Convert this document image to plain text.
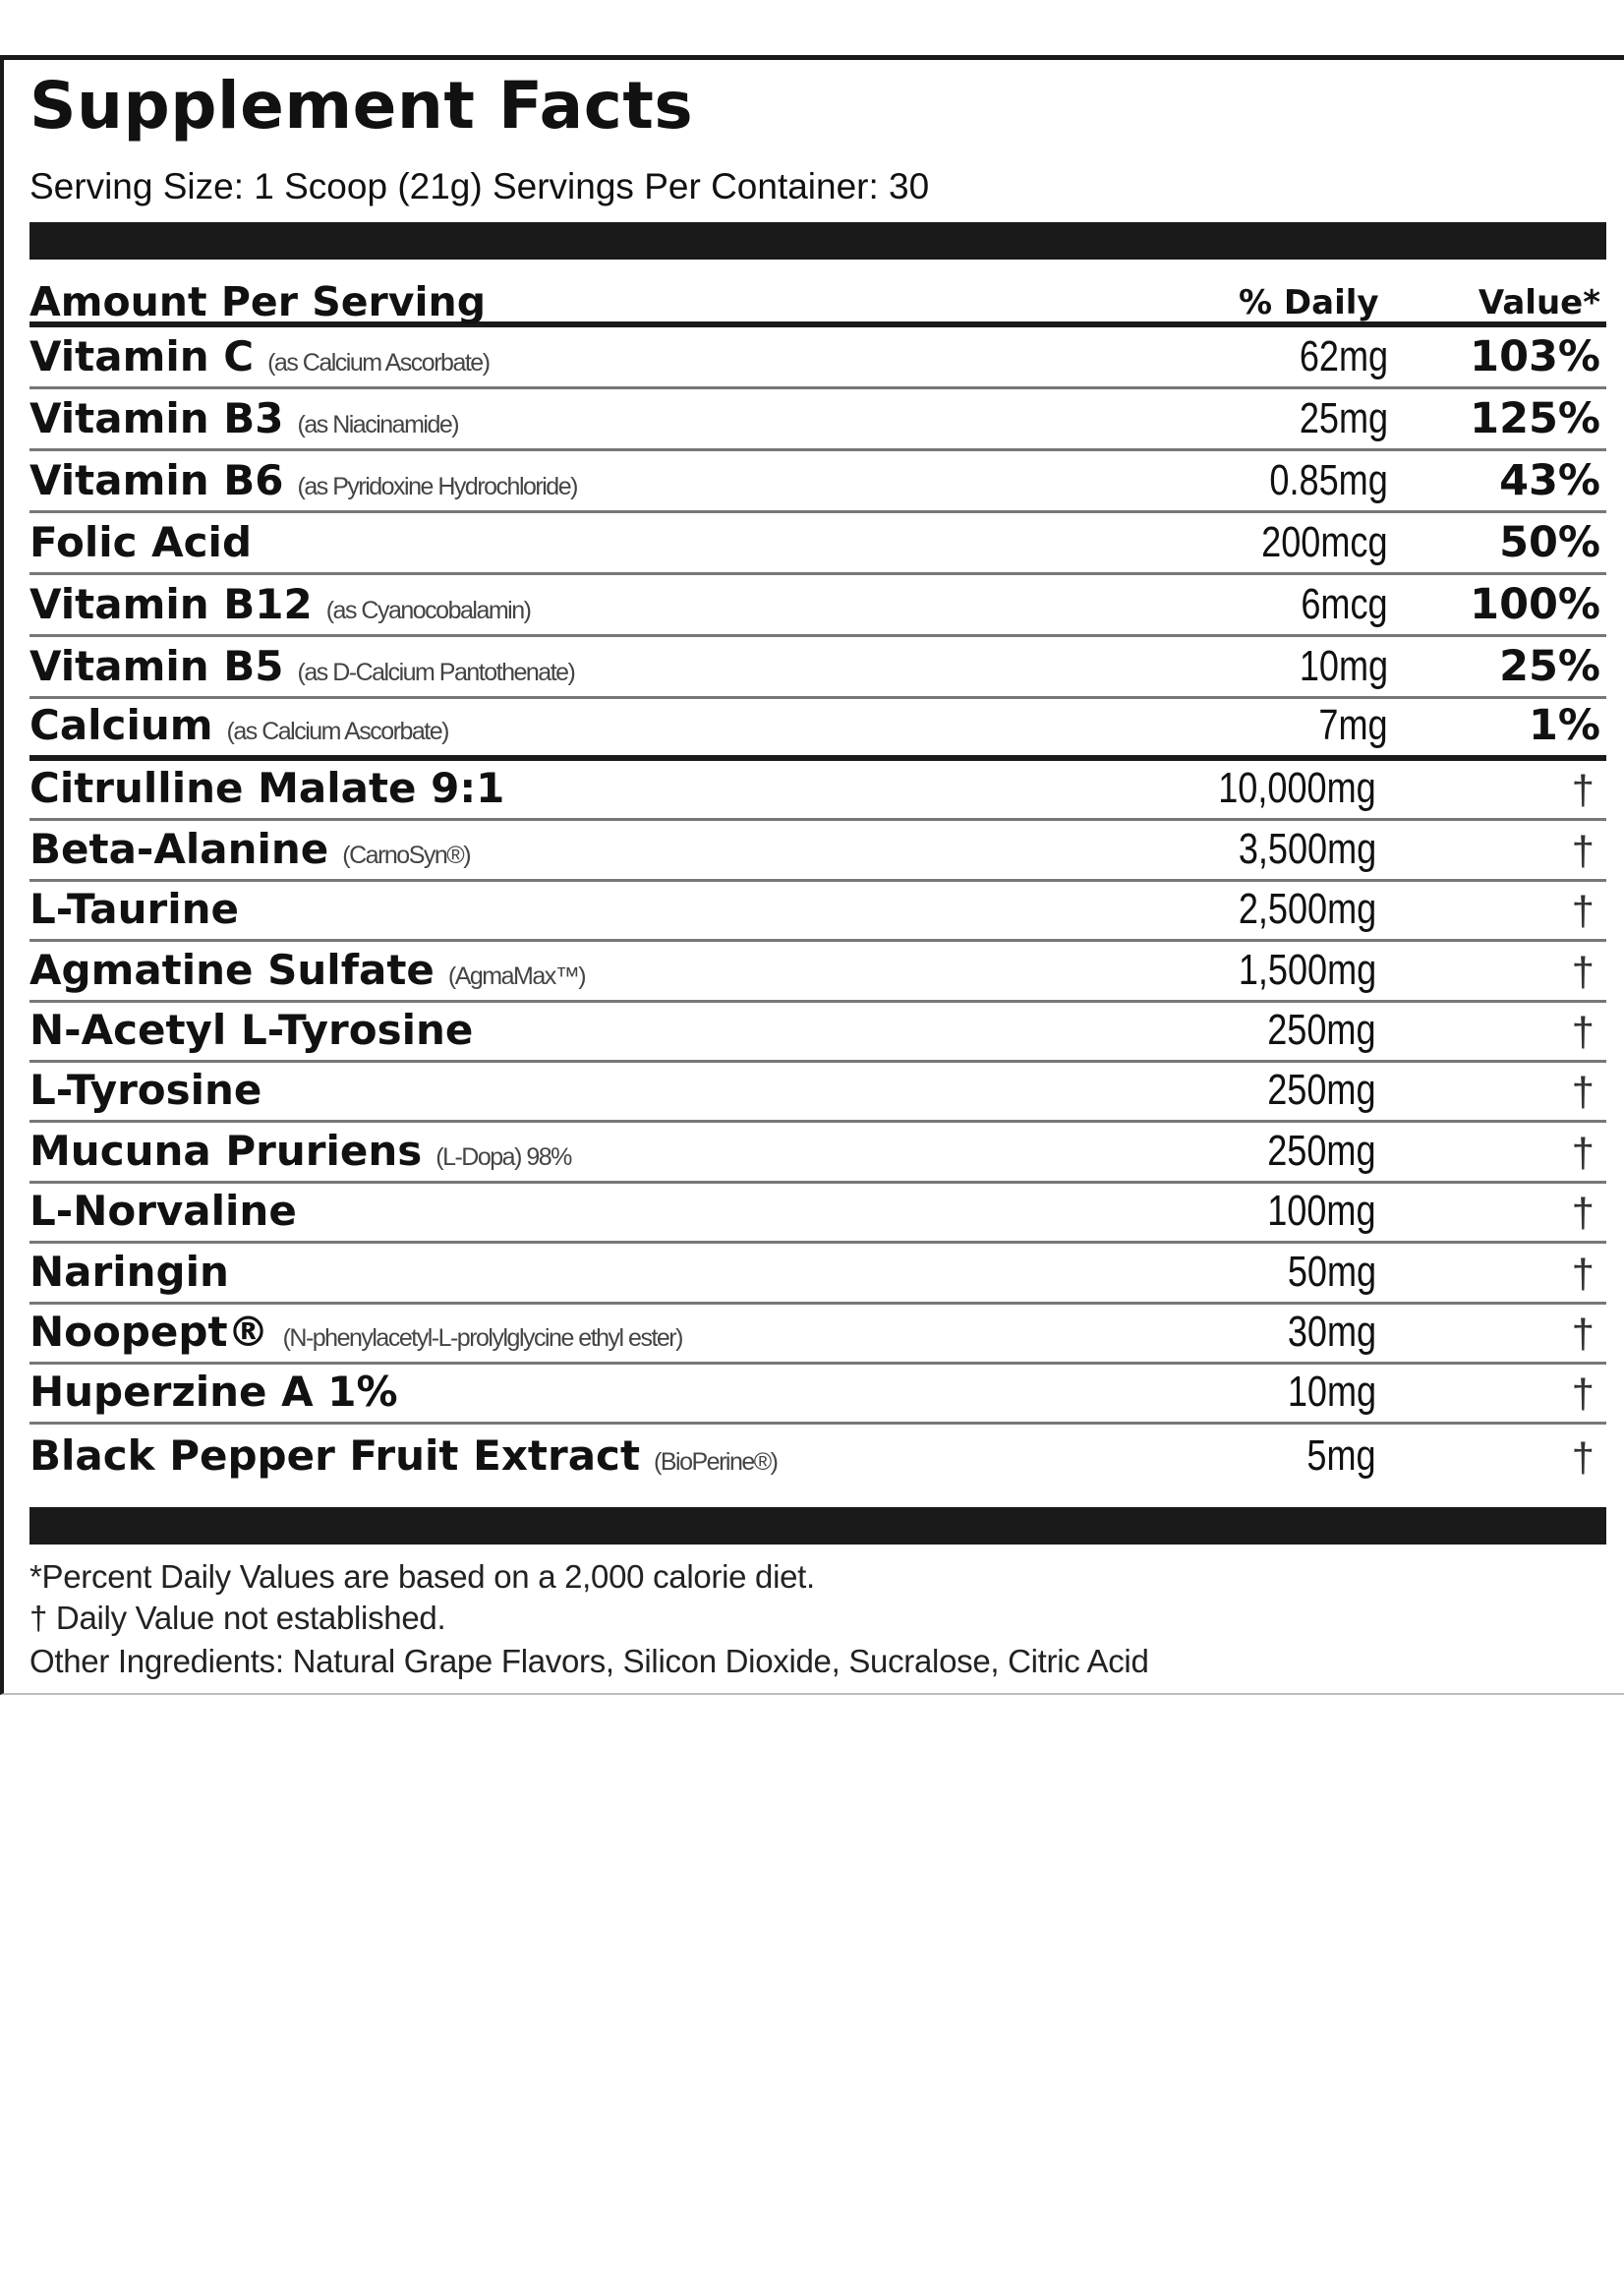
Supplement Facts
Serving Size: 1 Scoop (21g) Servings Per Container: 30
Amount Per Serving	% Daily	Value*
Vitamin C (as Calcium Ascorbate)	62mg 103%
Vitamin B3 (as Niacinamide)	25mg 125%
Vitamin B6 (as Pyridoxine Hydrochloride)	0.85mg	43%
Folic Acid	200mcg	50%
Vitamin B12 (as Cyanocobalamin)	6mcg 100%
Vitamin B5 (as D-Calcium Pantothenate)	10mg	25%
Calcium (as Calcium Ascorbate)	7mg	1%
Citrulline Malate 9:1	10,000mg	†
Beta-Alanine (CarnoSyn®)	3,500mg	†
L-Taurine	2,500mg	†
Agmatine Sulfate (AgmaMax™)	1,500mg	†
N-Acetyl L-Tyrosine	250mg	†
L-Tyrosine	250mg	†
Mucuna Pruriens (L-Dopa) 98%	250mg	†
L-Norvaline	100mg	†
Naringin	50mg	†
Noopept® (N-phenylacetyl-L-prolylglycine ethyl ester)	30mg	†
Huperzine A 1%	10mg	†
Black Pepper Fruit Extract (BioPerine®)	5mg	†
*Percent Daily Values are based on a 2,000 calorie diet.
† Daily Value not established.
Other Ingredients: Natural Grape Flavors, Silicon Dioxide, Sucralose, Citric Acid
